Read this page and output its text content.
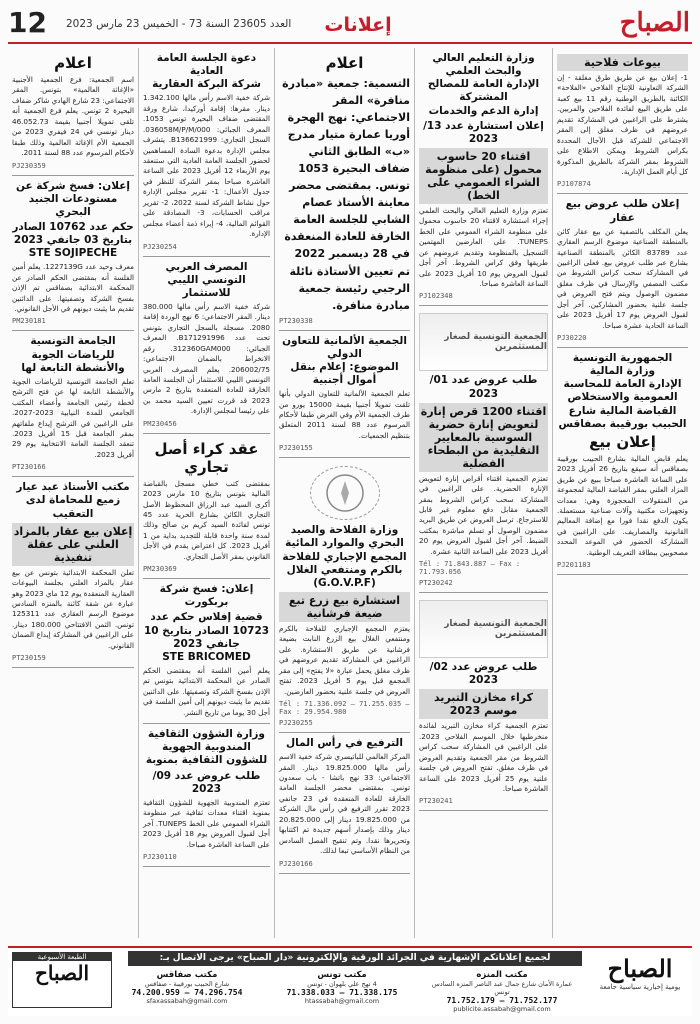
الصباح
إعلانات
العدد 23605 السنة 73 - الخميس 23 مارس 2023
12
بيوعات فلاحية

1- إعلان بيع عن طريق طرق مغلقة - إن الشركة التعاونية للإنتاج الفلاحي «الفلاحة» الكائنة بالطريق الوطنية رقم 11 بيع كعبة على طريق البيع لفائدة الفلاحين والمربين. يشترط على الراغبين في المشاركة تقديم عروضهم في ظرف مغلق إلى المقر الاجتماعي للشركة قبل الآجال المحددة بكراس الشروط ويمكن الاطلاع على الشروط بمقر الشركة بالطريق المذكورة كل أيام العمل الإدارية.

PJ107874
إعلان طلب عروض بيع عقار

يعلن المكلف بالتصفية عن بيع عقار كائن بالمنطقة الصناعية موضوع الرسم العقاري عدد 83789 الكائن بالمنطقة الصناعية بشارع عبر طلب عروض بيع. فعلى الراغبين في المشاركة سحب كراس الشروط من مكتب المصفي والإرسال في ظرف مغلق مضمون الوصول ويتم فتح العروض في جلسة علنية بحضور المشاركين. آخر أجل لقبول العروض يوم 17 أفريل 2023 على الساعة الحادية عشرة صباحا.

PJ30220
الجمهورية التونسية
وزارة المالية
الإدارة العامة للمحاسبة العمومية والاستخلاص
القباضة المالية شارع الحبيب بورقيبة بصفاقس
إعلان بيع

يعلم قابض المالية بشارع الحبيب بورقيبة بصفاقس أنه سيقع بتاريخ 26 أفريل 2023 على الساعة العاشرة صباحا ببيع عن طريق المزاد العلني بمقر القباضة المالية لمجموعة من المنقولات المحجوزة وهي: معدات وتجهيزات مكتبية وآلات صناعية مستعملة. يكون الدفع نقدا فورا مع إضافة المعاليم القانونية والمصاريف. على الراغبين في المشاركة الحضور في الموعد المحدد مصحوبين ببطاقة التعريف الوطنية.

PJ201183
وزارة التعليم العالي والبحث العلمي
الإدارة العامة للمصالح المشتركة
إدارة الدعم والخدمات
إعلان استشارة عدد 13/ 2023
اقتناء 20 حاسوب محمول (على منظومة الشراء العمومي على الخط)

تعتزم وزارة التعليم العالي والبحث العلمي إجراء استشارة لاقتناء 20 حاسوب محمول على منظومة الشراء العمومي على الخط TUNEPS. على العارضين المهتمين التسجيل بالمنظومة وتقديم عروضهم عن طريقها وفق كراس الشروط. آخر أجل لقبول العروض يوم 10 أفريل 2023 على الساعة العاشرة صباحا.

PJ102348
الجمعية التونسية لصغار المستثمرين
طلب عروض عدد 01/ 2023
اقتناء 1200 قرص إنارة لتعويض إنارة حضرية السوسية بالمعايير التقليدية من البطحاء الفضلية

تعتزم الجمعية اقتناء أقراص إنارة لتعويض الإنارة الحضرية. على الراغبين في المشاركة سحب كراس الشروط بمقر الجمعية مقابل دفع معلوم غير قابل للاسترجاع. ترسل العروض عن طريق البريد مضمون الوصول أو تسلم مباشرة بمكتب الضبط. آخر أجل لقبول العروض يوم 20 أفريل 2023 على الساعة الثانية عشرة.

Tél : 71.843.887 — Fax : 71.793.056
PT230242
الجمعية التونسية لصغار المستثمرين
طلب عروض عدد 02/ 2023
كراء مخازن التبريد موسم 2023

تعتزم الجمعية كراء مخازن التبريد لفائدة منخرطيها خلال الموسم الفلاحي 2023. على الراغبين في المشاركة سحب كراس الشروط من مقر الجمعية وتقديم العروض في ظرف مغلق. تفتح العروض في جلسة علنية يوم 25 أفريل 2023 على الساعة العاشرة صباحا.

PT230241
اعلام

التسمية: جمعية «مبادرة منافرة» المقر الاجتماعي: نهج الهجرة أوريا عمارة متيار مدرج «ب» الطابق الثاني ضفاف البحيرة 1053 تونس. بمقتضى محضر معاينة الأستاذ عصام الشابي للجلسة العامة الخارقة للعادة المنعقدة في 28 ديسمبر 2022 تم تعيين الأستاذة نائلة الرجبي رئيسة جمعية مبادرة منافرة.

PT230338
الجمعية الألمانية للتعاون الدولي
الموضوع: إعلام بنقل أموال أجنبية

تعلم الجمعية الألمانية للتعاون الدولي بأنها تلقت تمويلا أجنبيا بقيمة 15000 يورو من طرف الجمعية الأم وفي الغرض طبقا لأحكام المرسوم عدد 88 لسنة 2011 المتعلق بتنظيم الجمعيات.

PJ230155
وزارة الفلاحة والصيد البحري والموارد المائية
المجمع الإجباري للفلاحة بالكرم ومنتفعي الغلال
(G.O.V.P.F)
استشارة بيع زرع تبع ضيعة فرشانية

يعتزم المجمع الإجباري للفلاحة بالكرم ومنتفعي الغلال بيع الزرع النابت بضيعة فرشانية عن طريق الاستشارة. على الراغبين في المشاركة تقديم عروضهم في ظرف مغلق يحمل عبارة «لا يفتح» إلى مقر المجمع قبل يوم 5 أفريل 2023. تفتح العروض في جلسة علنية بحضور العارضين.

Tél : 71.336.092 — 71.255.035 — Fax : 29.954.980
PJ230255
الترفيع في رأس المال

المركز العالمي للباتيسري شركة خفية الاسم رأس مالها 19.825.000 دينار. المقر الاجتماعي: 33 نهج باتشا - باب سعدون تونس. بمقتضى محضر الجلسة العامة الخارقة للعادة المنعقدة في 23 جانفي 2023 تقرر الترفيع في رأس مال الشركة من 19.825.000 دينار إلى 20.825.000 دينار وذلك بإصدار أسهم جديدة تم اكتتابها وتحريرها نقدا. وتم تنقيح الفصل السادس من النظام الأساسي تبعا لذلك.

PJ230166
دعوة الجلسة العامة العادية
شركة البركة العقارية

شركة خفية الاسم رأس مالها 1.342.100 دينار. مقرها: إقامة أوركيدا، شارع ورقة المقتضى ضفاف البحيرة تونس 1053. المعرف الجبائي: 036058M/P/M/000. السجل التجاري: B136621999. يتشرف مجلس الإدارة بدعوة السادة المساهمين لحضور الجلسة العامة العادية التي ستنعقد يوم الأربعاء 12 أفريل 2023 على الساعة العاشرة صباحا بمقر الشركة للنظر في جدول الأعمال: 1- تقرير مجلس الإدارة حول نشاط الشركة لسنة 2022، 2- تقرير مراقب الحسابات، 3- المصادقة على القوائم المالية، 4- إبراء ذمة أعضاء مجلس الإدارة.

PJ230254
المصرف العربي التونسي الليبي للاستثمار

شركة خفية الاسم رأس مالها 380.000 دينار. المقر الاجتماعي: 6 نهج الوردة إقامة 2080. مسجلة بالسجل التجاري بتونس تحت عدد B171291996. المعرف الجبائي: 312360GAM000. رقم الانخراط بالضمان الاجتماعي: 206002/75. يعلم المصرف العربي التونسي الليبي للاستثمار أن الجلسة العامة الخارقة للعادة المنعقدة بتاريخ 2 مارس 2023 قد قررت تعيين السيد محمد بن علي رئيسا لمجلس الإدارة.

PM230456
عقد كراء أصل تجاري

بمقتضى كتب خطي مسجل بالقباضة المالية بتونس بتاريخ 10 مارس 2023 أكرى السيد عبد الرزاق المحظوظ الأصل التجاري الكائن بشارع الحرية عدد 45 تونس لفائدة السيد كريم بن صالح وذلك لمدة سنة واحدة قابلة للتجديد بداية من 1 أفريل 2023. كل اعتراض يقدم في الأجل القانوني بمقر الأصل التجاري.

PM230369
إعلان: فسخ شركة بربكورت
قضية إفلاس حكم عدد 10723 الصادر بتاريخ 10 جانفي 2023
STE BRICOMED

يعلم أمين الفلسة أنه بمقتضى الحكم الصادر عن المحكمة الابتدائية بتونس تم الإذن بفسخ الشركة وتصفيتها. على الدائنين تقديم ما يثبت ديونهم إلى أمين الفلسة في أجل 30 يوما من تاريخ النشر.

وزارة الشؤون الثقافية
المندوبية الجهوية للشؤون الثقافية بمنوبة
طلب عروض عدد 09/ 2023

تعتزم المندوبية الجهوية للشؤون الثقافية بمنوبة اقتناء معدات ثقافية عبر منظومة الشراء العمومي على الخط TUNEPS. آخر أجل لقبول العروض يوم 18 أفريل 2023 على الساعة العاشرة صباحا.

PJ230110
اعلام

اسم الجمعية: فرع الجمعية الأجنبية «الإغاثة العالمية» بتونس. المقر الاجتماعي: 23 شارع الهادي شاكر ضفاف البحيرة 2 تونس. يعلم فرع الجمعية أنه تلقى تمويلا أجنبيا بقيمة 46.052.73 دينار تونسي في 24 فيفري 2023 من الجمعية الأم الإغاثة العالمية وذلك طبقا لأحكام المرسوم عدد 88 لسنة 2011.

PJ230359
إعلان: فسخ شركة عن مستودعات الجنيد البحري
حكم عدد 10762 الصادر بتاريخ 03 جانفي 2023
STE SOJIPECHE

معرف وحيد عدد 1227139G. يعلم أمين الفلسة أنه بمقتضى الحكم الصادر عن المحكمة الابتدائية بصفاقس تم الإذن بفسخ الشركة وتصفيتها. على الدائنين تقديم ما يثبت ديونهم في الأجل القانوني.

PM230181
الجامعة التونسية للرياضات الجوية والأنشطة التابعة لها

تعلم الجامعة التونسية للرياضات الجوية والأنشطة التابعة لها عن فتح الترشح لخطة رئيس الجامعة وأعضاء المكتب الجامعي للمدة النيابية 2023-2027. على الراغبين في الترشح إيداع ملفاتهم بمقر الجامعة قبل 15 أفريل 2023. تنعقد الجلسة العامة الانتخابية يوم 29 أفريل 2023.

PT230166
مكتب الأستاذ عبد عيار زميع للمحاماة لدى التعقيب
إعلان بيع عقار بالمزاد العلني على عقلة تنفيذية

تعلن المحكمة الابتدائية بتونس عن بيع عقار بالمزاد العلني بجلسة البيوعات العقارية المنعقدة يوم 12 ماي 2023 وهو عبارة عن شقة كائنة بالمنزه السادس موضوع الرسم العقاري عدد 125311 تونس. الثمن الافتتاحي 180.000 دينار. على الراغبين في المشاركة إيداع الضمان القانوني.

PT230159
لجميع إعلاناتكم الإشهارية في الجرائد الورقية والإلكترونية «دار الصباح» يرجى الاتصال بـ:	الصباح
يومية إخبارية سياسية جامعة
مكتب المنزه
عمارة الأمان شارع جمال عبد الناصر المنزه السادس تونس
71.752.179 — 71.752.177
publicite.assabah@gmail.com
مكتب تونس
4 نهج علي بلهوان - تونس
71.338.033 — 71.338.175
htassabah@gmail.com
مكتب صفاقس
شارع الحبيب بورقيبة - صفاقس
74.200.959 — 74.296.754
sfaxassabah@gmail.com
الطبعة الأسبوعية
الصباح
